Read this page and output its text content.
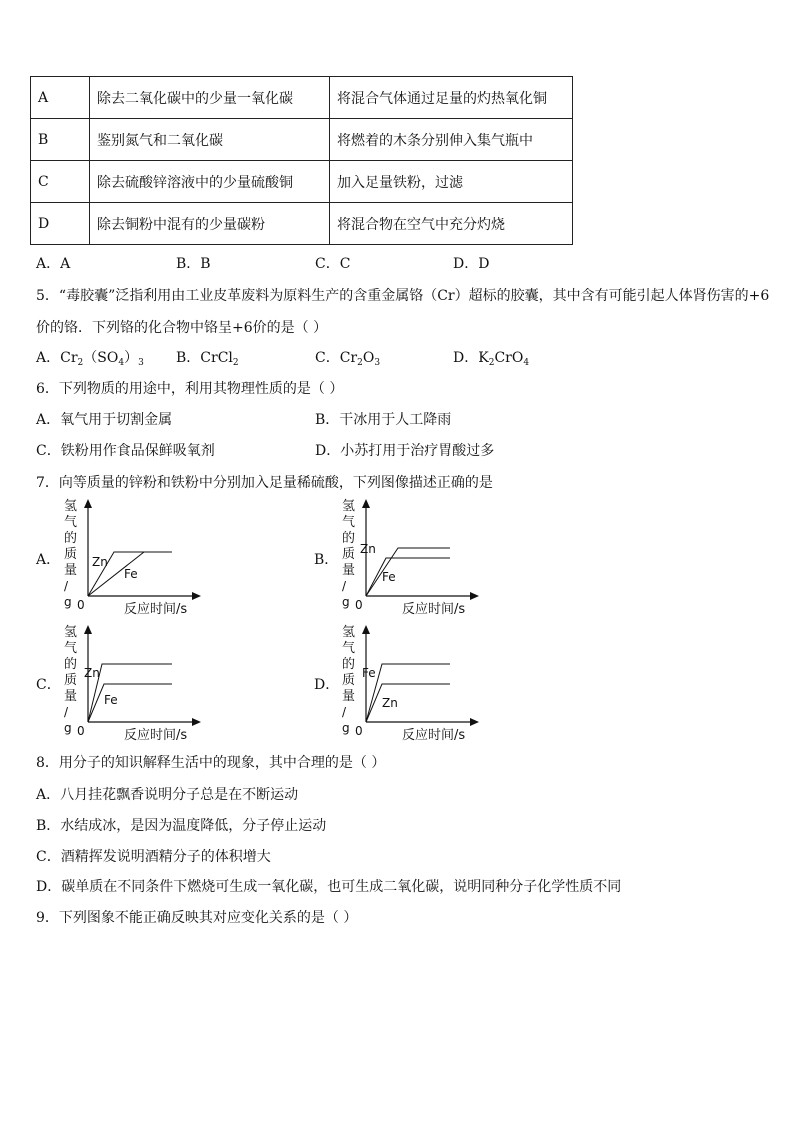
A	除去二氧化碳中的少量一氧化碳	将混合气体通过足量的灼热氧化铜
B	鉴别氮气和二氧化碳	将燃着的木条分别伸入集气瓶中
C	除去硫酸锌溶液中的少量硫酸铜	加入足量铁粉，过滤
D	除去铜粉中混有的少量碳粉	将混合物在空气中充分灼烧
A．A	B．B	C．C	D．D
5．“毒胶囊”泛指利用由工业皮革废料为原料生产的含重金属铬（Cr）超标的胶囊，其中含有可能引起人体肾伤害的+6
价的铬．下列铬的化合物中铬呈+6价的是（ ）
A．$Cr_2(SO_4)_3$ B．CrCl$_2$	C．$Cr_2O_3$	D．$K_2CrO_4$
6．下列物质的用途中，利用其物理性质的是（ ）
A．氧气用于切割金属	B．干冰用于人工降雨
C．铁粉用作食品保鲜吸氧剂	D．小苏打用于治疗胃酸过多
7．向等质量的锌粉和铁粉中分别加入足量稀硫酸，下列图像描述正确的是
A．	B．
C．	D．
氢
气
的
质
量
/
g 0	反应时间/s
Zn
Fe
氢
气
的
质
量
/
g 0	反应时间/s
Zn
Fe
氢
气
的
质
量
/
g 0	反应时间/s
Zn
Fe
氢
气
的
质
量
/
g 0	反应时间/s
Fe
Zn
8．用分子的知识解释生活中的现象，其中合理的是（ ）
A．八月挂花飘香说明分子总是在不断运动
B．水结成冰，是因为温度降低，分子停止运动
C．酒精挥发说明酒精分子的体积增大
D．碳单质在不同条件下燃烧可生成一氧化碳，也可生成二氧化碳，说明同种分子化学性质不同
9．下列图象不能正确反映其对应变化关系的是（ ）
